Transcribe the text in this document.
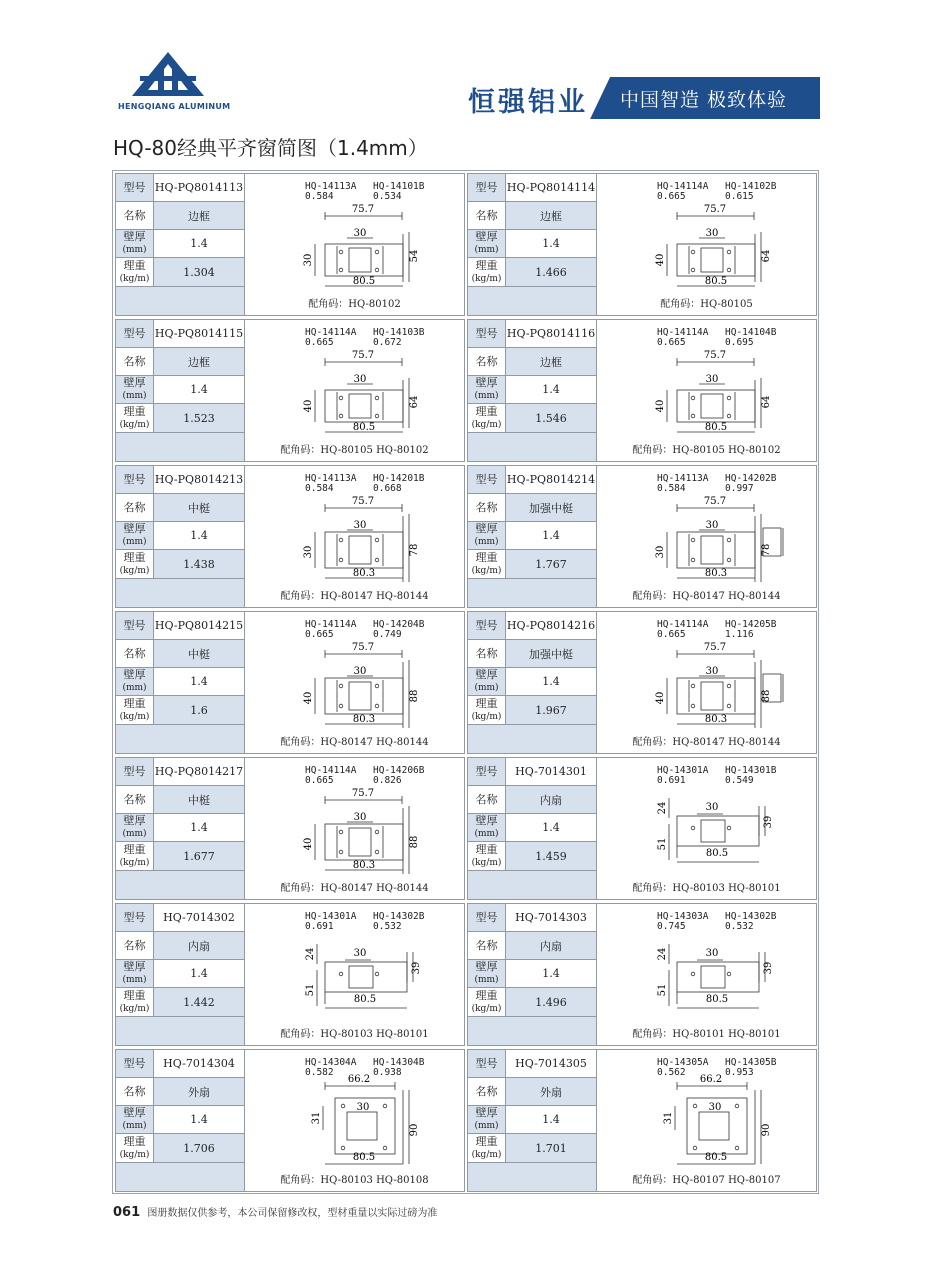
HENGQIANG ALUMINUM	恒强铝业 中国智造 极致体验
HQ-80经典平齐窗简图（1.4mm）
型号 HQ-PQ8014113
名称	边框
壁厚
(mm)	1.4
理重
(kg/m)	1.304
HQ-14113A
0.584
HQ-14101B
0.534
75.7
30
80.5
30	54
配角码：HQ-80102
型号 HQ-PQ8014114
名称	边框
壁厚
(mm)	1.4
理重
(kg/m)	1.466
HQ-14114A
0.665
HQ-14102B
0.615
75.7
30
80.5
40	64
配角码：HQ-80105
型号 HQ-PQ8014115
名称	边框
壁厚
(mm)	1.4
理重
(kg/m)	1.523
HQ-14114A
0.665
HQ-14103B
0.672
75.7
30
80.5
40	64
配角码：HQ-80105 HQ-80102
型号 HQ-PQ8014116
名称	边框
壁厚
(mm)	1.4
理重
(kg/m)	1.546
HQ-14114A
0.665
HQ-14104B
0.695
75.7
30
80.5
40	64
配角码：HQ-80105 HQ-80102
型号 HQ-PQ8014213
名称	中梃
壁厚
(mm)	1.4
理重
(kg/m)	1.438
HQ-14113A
0.584
HQ-14201B
0.668
75.7
30
80.3
30	78
配角码：HQ-80147 HQ-80144
型号 HQ-PQ8014214
名称	加强中梃
壁厚
(mm)	1.4
理重
(kg/m)	1.767
HQ-14113A
0.584
HQ-14202B
0.997
75.7
30
80.3
30	78
配角码：HQ-80147 HQ-80144
型号 HQ-PQ8014215
名称	中梃
壁厚
(mm)	1.4
理重
(kg/m)	1.6
HQ-14114A
0.665
HQ-14204B
0.749
75.7
30
80.3
40	88
配角码：HQ-80147 HQ-80144
型号 HQ-PQ8014216
名称	加强中梃
壁厚
(mm)	1.4
理重
(kg/m)	1.967
HQ-14114A
0.665
HQ-14205B
1.116
75.7
30
80.3
40	88
配角码：HQ-80147 HQ-80144
型号 HQ-PQ8014217
名称	中梃
壁厚
(mm)	1.4
理重
(kg/m)	1.677
HQ-14114A
0.665
HQ-14206B
0.826
75.7
30
80.3
40	88
配角码：HQ-80147 HQ-80144
型号 HQ-7014301
名称	内扇
壁厚
(mm)	1.4
理重
(kg/m)	1.459
HQ-14301A
0.691
HQ-14301B
0.549
30
80.5
24
51
39
配角码：HQ-80103 HQ-80101
型号 HQ-7014302
名称	内扇
壁厚
(mm)	1.4
理重
(kg/m)	1.442
HQ-14301A
0.691
HQ-14302B
0.532
30
80.5
24
51
39
配角码：HQ-80103 HQ-80101
型号 HQ-7014303
名称	内扇
壁厚
(mm)	1.4
理重
(kg/m)	1.496
HQ-14303A
0.745
HQ-14302B
0.532
30
80.5
24
51
39
配角码：HQ-80101 HQ-80101
型号 HQ-7014304
名称	外扇
壁厚
(mm)	1.4
理重
(kg/m)	1.706
HQ-14304A
0.582
HQ-14304B
0.938
66.2
30
80.5
31
90
配角码：HQ-80103 HQ-80108
型号 HQ-7014305
名称	外扇
壁厚
(mm)	1.4
理重
(kg/m)	1.701
HQ-14305A
0.562
HQ-14305B
0.953
66.2
30
80.5
31
90
配角码：HQ-80107 HQ-80107
061 图册数据仅供参考，本公司保留修改权，型材重量以实际过磅为准
